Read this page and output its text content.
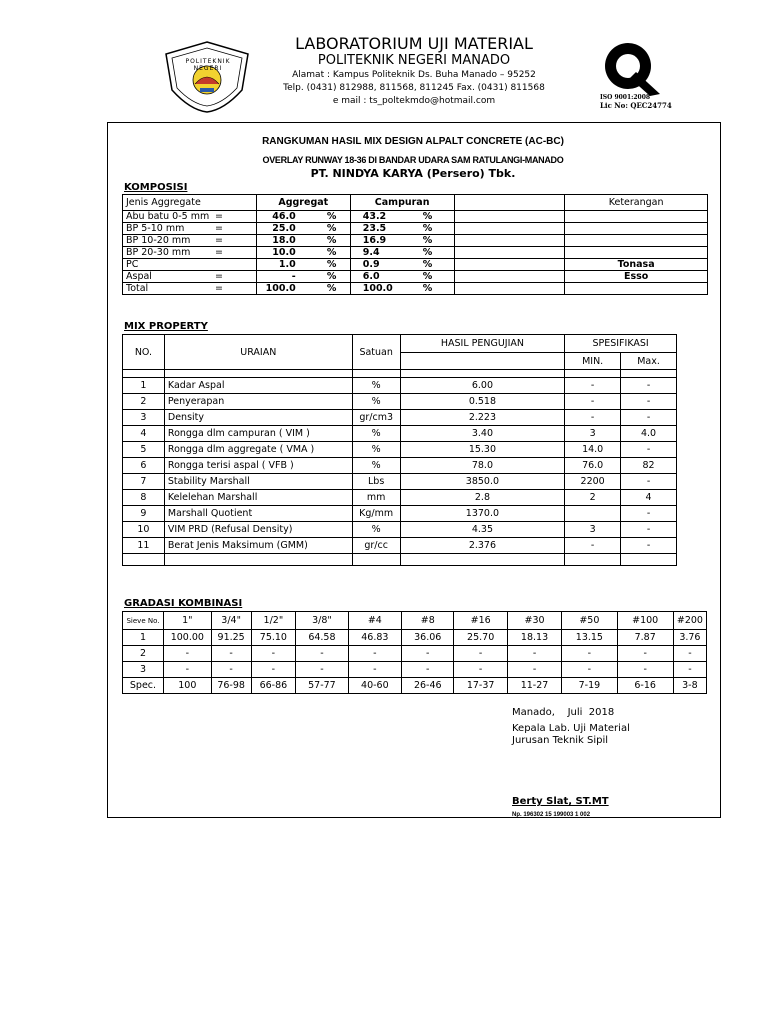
POLITEKNIK NEGERI
LABORATORIUM UJI MATERIAL
POLITEKNIK NEGERI MANADO
Alamat : Kampus Politeknik Ds. Buha Manado – 95252
Telp. (0431) 812988, 811568, 811245 Fax. (0431) 811568
e mail : ts_poltekmdo@hotmail.com	ISO 9001:2008
Lic No: QEC24774
RANGKUMAN HASIL MIX DESIGN ALPALT CONCRETE (AC-BC)
OVERLAY RUNWAY 18-36 DI BANDAR UDARA SAM RATULANGI-MANADO
PT. NINDYA KARYA (Persero) Tbk.
KOMPOSISI
Jenis Aggregate	Aggregat	Campuran		Keterangan
Abu batu 0-5 mm =	46.0 %	43.2 %		

BP 5-10 mm =	25.0 %	23.5 %		

BP 10-20 mm =	18.0 %	16.9 %		

BP 20-30 mm =	10.0 %	9.4 %		

PC	1.0 %	0.9 %		Tonasa
Aspal =	- %	6.0 %		Esso
Total =	100.0 %	100.0 %		

MIX PROPERTY
NO.	URAIAN	Satuan	HASIL PENGUJIAN	SPESIFIKASI	
				MIN.	Max.

1	Kadar Aspal	%	6.00	-	-
2	Penyerapan	%	0.518	-	-
3	Density	gr/cm3	2.223	-	-
4	Rongga dlm campuran ( VIM )	%	3.40	3	4.0
5	Rongga dlm aggregate ( VMA )	%	15.30	14.0	-
6	Rongga terisi aspal ( VFB )	%	78.0	76.0	82
7	Stability Marshall	Lbs	3850.0	2200	-
8	Kelelehan Marshall	mm	2.8	2	4
9	Marshall Quotient	Kg/mm	1370.0		-
10	VIM PRD (Refusal Density)	%	4.35	3	-
11	Berat Jenis Maksimum (GMM)	gr/cc	2.376	-	-

GRADASI KOMBINASI
Sieve No.	1"	3/4"	1/2"	3/8"	#4	#8	#16	#30	#50	#100	#200
1	100.00	91.25	75.10	64.58	46.83	36.06	25.70	18.13	13.15	7.87	3.76
2	-	-	-	-	-	-	-	-	-	-	-
3	-	-	-	-	-	-	-	-	-	-	-
Spec.	100	76-98	66-86	57-77	40-60	26-46	17-37	11-27	7-19	6-16	3-8
Manado,    Juli  2018
Kepala Lab. Uji Material
Jurusan Teknik Sipil
Berty Slat, ST.MT
Np. 196302 15 199003 1 002
